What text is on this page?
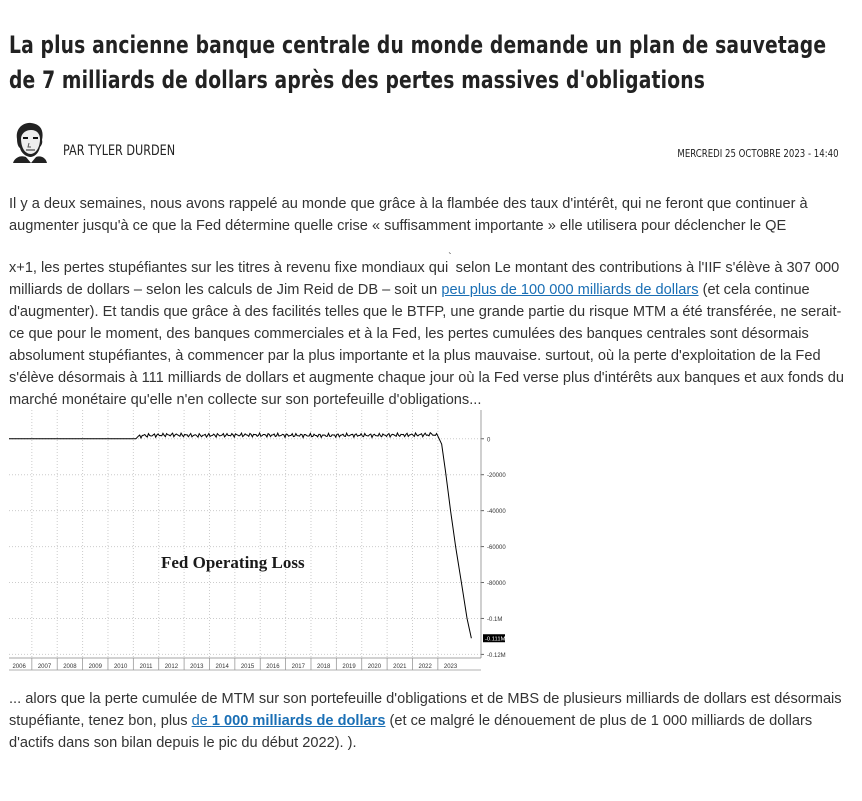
La plus ancienne banque centrale du monde demande un plan de sauvetage de 7 milliards de dollars après des pertes massives d'obligations
PAR TYLER DURDEN	MERCREDI 25 OCTOBRE 2023 - 14:40

Il y a deux semaines, nous avons rappelé au monde que grâce à la flambée des taux d'intérêt, qui ne feront que continuer à augmenter jusqu'à ce que la Fed détermine quelle crise « suffisamment importante » elle utilisera pour déclencher le QE

x+1, les pertes stupéfiantes sur les titres à revenu fixe mondiaux qui` selon Le montant des contributions à l'IIF s'élève à 307 000 milliards de dollars – selon les calculs de Jim Reid de DB – soit un peu plus de 100 000 milliards de dollars (et cela continue d'augmenter). Et tandis que grâce à des facilités telles que le BTFP, une grande partie du risque MTM a été transférée, ne serait-ce que pour le moment, des banques commerciales et à la Fed, les pertes cumulées des banques centrales sont désormais absolument stupéfiantes, à commencer par la plus importante et la plus mauvaise. surtout, où la perte d'exploitation de la Fed s'élève désormais à 111 milliards de dollars et augmente chaque jour où la Fed verse plus d'intérêts aux banques et aux fonds du marché monétaire qu'elle n'en collecte sur son portefeuille d'obligations...

0
-20000
-40000
-60000
-80000
-0.1M
-0.12M
2006 2007 2008 2009 2010 2011 2012 2013 2014 2015 2016 2017 2018 2019 2020 2021 2022 2023
-0.111M
Fed Operating Loss

... alors que la perte cumulée de MTM sur son portefeuille d'obligations et de MBS de plusieurs milliards de dollars est désormais stupéfiante, tenez bon, plus de 1 000 milliards de dollars (et ce malgré le dénouement de plus de 1 000 milliards de dollars d'actifs dans son bilan depuis le pic du début 2022). ).
